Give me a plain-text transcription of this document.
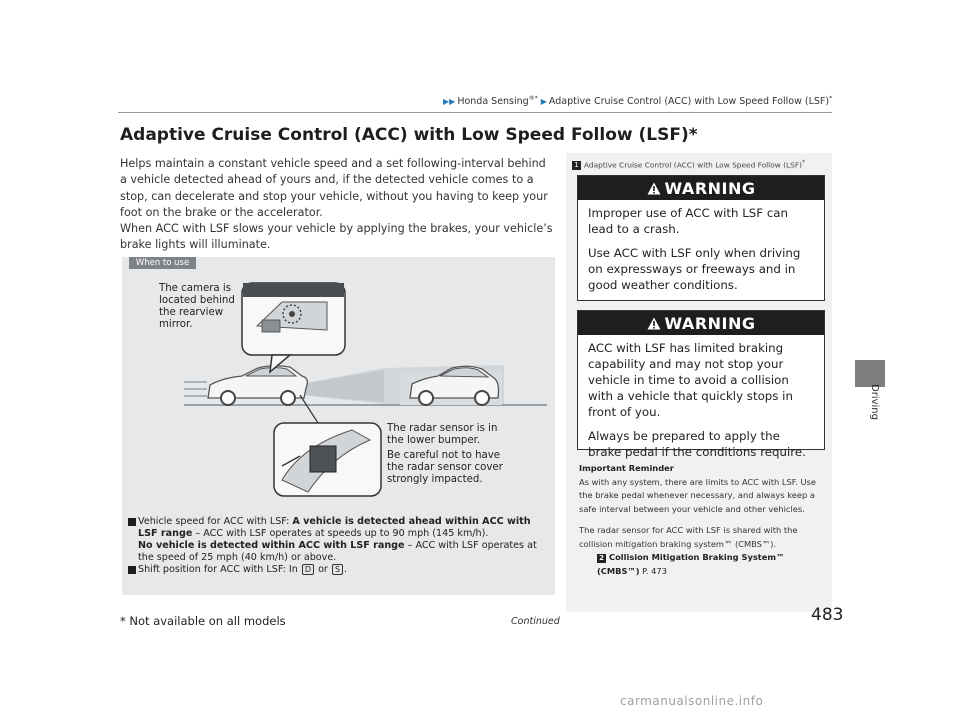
▶▶ Honda Sensing®* ▶ Adaptive Cruise Control (ACC) with Low Speed Follow (LSF)*
Driving
Adaptive Cruise Control (ACC) with Low Speed Follow (LSF)*

Helps maintain a constant vehicle speed and a set following-interval behind a vehicle detected ahead of yours and, if the detected vehicle comes to a stop, can decelerate and stop your vehicle, without you having to keep your foot on the brake or the accelerator.

When ACC with LSF slows your vehicle by applying the brakes, your vehicle’s brake lights will illuminate.

When to use
The camera is located behind the rearview mirror.

The radar sensor is in the lower bumper.

Be careful not to have the radar sensor cover strongly impacted.

Vehicle speed for ACC with LSF: A vehicle is detected ahead within ACC with LSF range – ACC with LSF operates at speeds up to 90 mph (145 km/h).
No vehicle is detected within ACC with LSF range – ACC with LSF operates at the speed of 25 mph (40 km/h) or above.
Shift position for ACC with LSF: In D or S .
1 Adaptive Cruise Control (ACC) with Low Speed Follow (LSF)*
WARNING

Improper use of ACC with LSF can lead to a crash.

Use ACC with LSF only when driving on expressways or freeways and in good weather conditions.

WARNING

ACC with LSF has limited braking capability and may not stop your vehicle in time to avoid a collision with a vehicle that quickly stops in front of you.

Always be prepared to apply the brake pedal if the conditions require.

Important Reminder

As with any system, there are limits to ACC with LSF. Use the brake pedal whenever necessary, and always keep a safe interval between your vehicle and other vehicles.

The radar sensor for ACC with LSF is shared with the collision mitigation braking system™ (CMBS™).

2 Collision Mitigation Braking System™ (CMBS™) P. 473

* Not available on all models	Continued	483
carmanualsonline.info
